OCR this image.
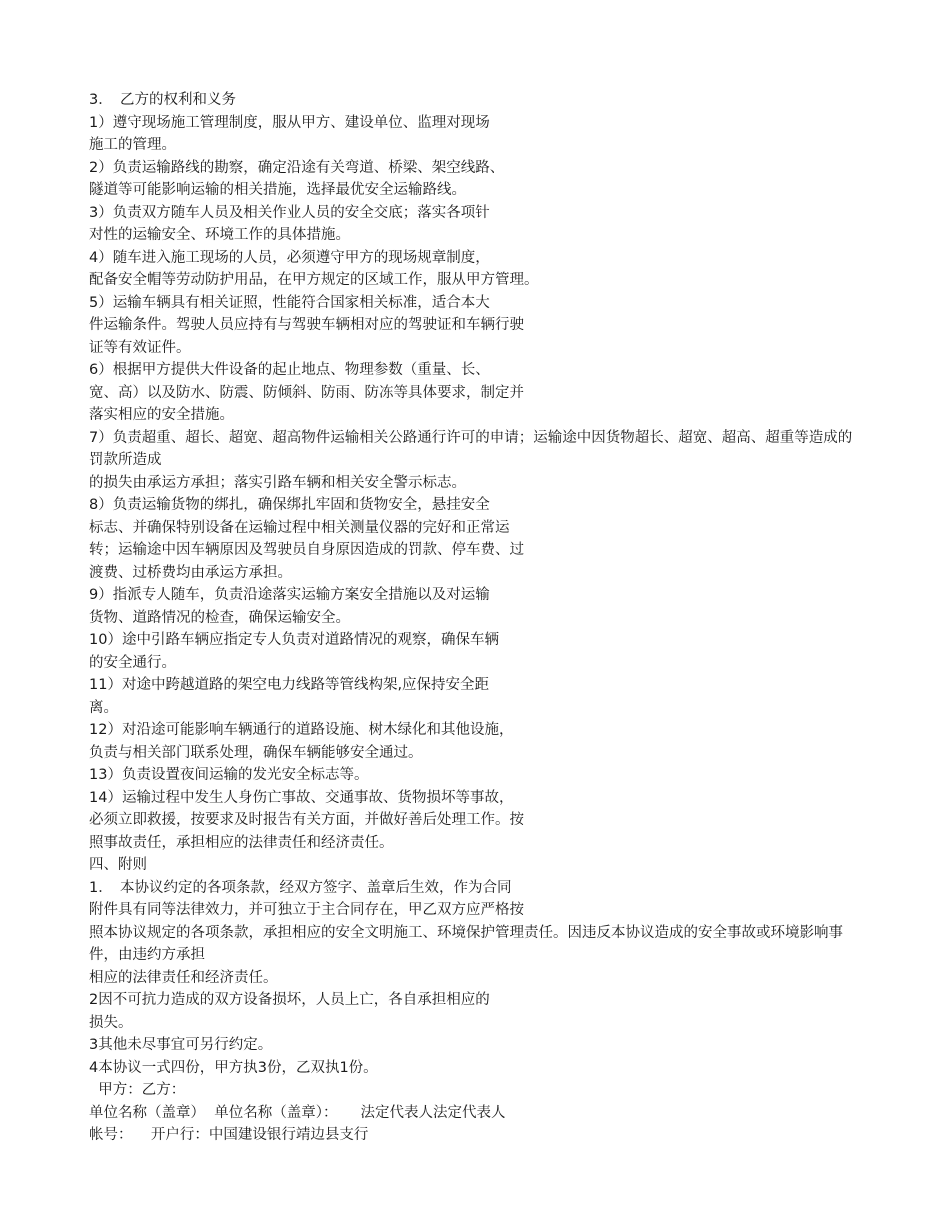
3．　乙方的权利和义务
1）遵守现场施工管理制度，服从甲方、建设单位、监理对现场
施工的管理。
2）负责运输路线的勘察，确定沿途有关弯道、桥梁、架空线路、
隧道等可能影响运输的相关措施，选择最优安全运输路线。
3）负责双方随车人员及相关作业人员的安全交底；落实各项针
对性的运输安全、环境工作的具体措施。
4）随车进入施工现场的人员，必须遵守甲方的现场规章制度，
配备安全帽等劳动防护用品，在甲方规定的区域工作，服从甲方管理。
5）运输车辆具有相关证照，性能符合国家相关标准，适合本大
件运输条件。驾驶人员应持有与驾驶车辆相对应的驾驶证和车辆行驶
证等有效证件。
6）根据甲方提供大件设备的起止地点、物理参数（重量、长、
宽、高）以及防水、防震、防倾斜、防雨、防冻等具体要求，制定并
落实相应的安全措施。
7）负责超重、超长、超宽、超高物件运输相关公路通行许可的申请；运输途中因货物超长、超宽、超高、超重等造成的罚款所造成
的损失由承运方承担；落实引路车辆和相关安全警示标志。
8）负责运输货物的绑扎，确保绑扎牢固和货物安全，悬挂安全
标志、并确保特别设备在运输过程中相关测量仪器的完好和正常运
转；运输途中因车辆原因及驾驶员自身原因造成的罚款、停车费、过
渡费、过桥费均由承运方承担。
9）指派专人随车，负责沿途落实运输方案安全措施以及对运输
货物、道路情况的检查，确保运输安全。
10）途中引路车辆应指定专人负责对道路情况的观察，确保车辆
的安全通行。
11）对途中跨越道路的架空电力线路等管线构架,应保持安全距
离。
12）对沿途可能影响车辆通行的道路设施、树木绿化和其他设施，
负责与相关部门联系处理，确保车辆能够安全通过。
13）负责设置夜间运输的发光安全标志等。
14）运输过程中发生人身伤亡事故、交通事故、货物损坏等事故，
必须立即救援，按要求及时报告有关方面，并做好善后处理工作。按
照事故责任，承担相应的法律责任和经济责任。
四、附则
1．　本协议约定的各项条款，经双方签字、盖章后生效，作为合同
附件具有同等法律效力，并可独立于主合同存在，甲乙双方应严格按
照本协议规定的各项条款，承担相应的安全文明施工、环境保护管理责任。因违反本协议造成的安全事故或环境影响事件，由违约方承担
相应的法律责任和经济责任。
2因不可抗力造成的双方设备损坏，人员上亡，各自承担相应的
损失。
3其他未尽事宜可另行约定。
4本协议一式四份，甲方执3份，乙双执1份。
甲方：乙方：
单位名称（盖章）  单位名称（盖章）：     法定代表人法定代表人
帐号：    开户行：中国建设银行靖边县支行
